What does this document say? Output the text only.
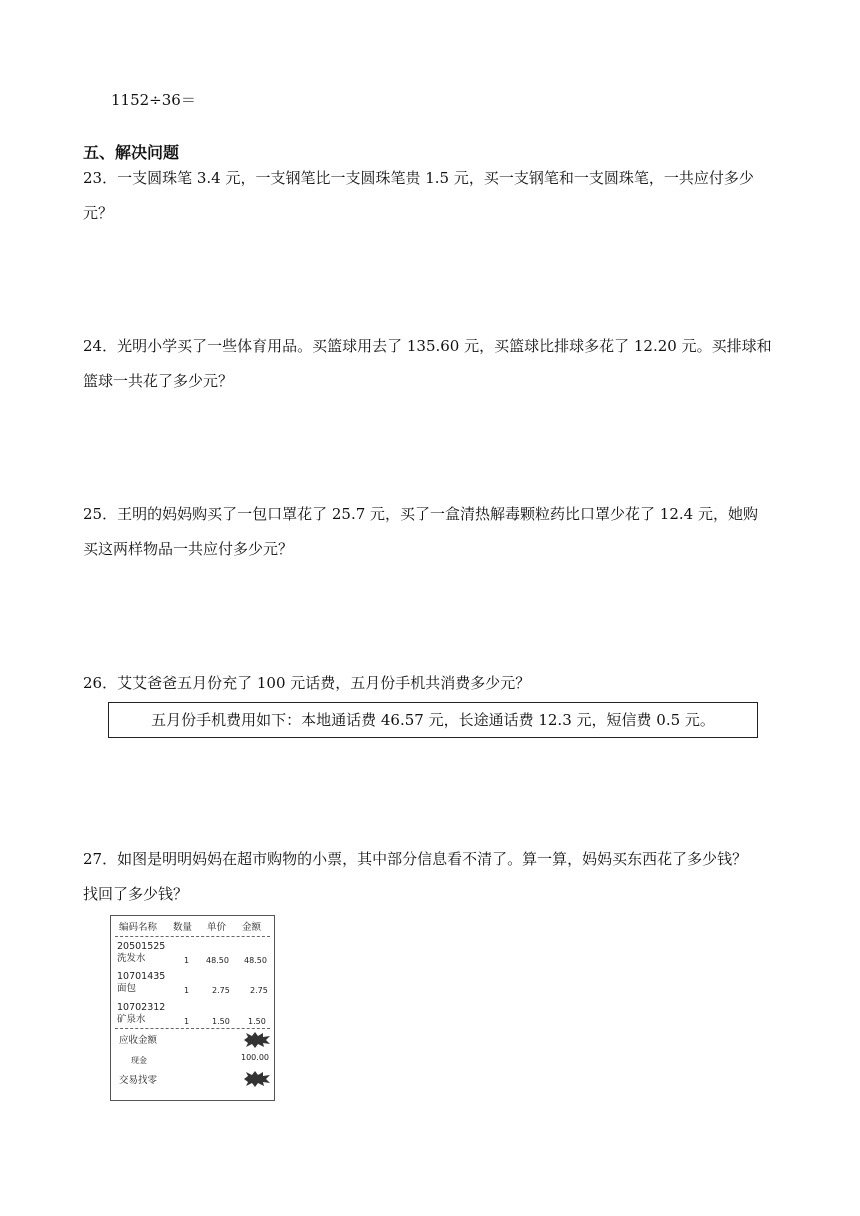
1152÷36＝
五、解决问题
23．一支圆珠笔 3.4 元，一支钢笔比一支圆珠笔贵 1.5 元，买一支钢笔和一支圆珠笔，一共应付多少
元？
24．光明小学买了一些体育用品。买篮球用去了 135.60 元，买篮球比排球多花了 12.20 元。买排球和
篮球一共花了多少元？
25．王明的妈妈购买了一包口罩花了 25.7 元，买了一盒清热解毒颗粒药比口罩少花了 12.4 元，她购
买这两样物品一共应付多少元？
26．艾艾爸爸五月份充了 100 元话费，五月份手机共消费多少元？
五月份手机费用如下：本地通话费 46.57 元，长途通话费 12.3 元，短信费 0.5 元。
27．如图是明明妈妈在超市购物的小票，其中部分信息看不清了。算一算，妈妈买东西花了多少钱？
找回了多少钱？
编码名称 数量 单价 金额
20501525
洗发水	1 48.50 48.50
10701435
面包	1	2.75	2.75
10702312
矿泉水	1	1.50 1.50
应收金额
现金	100.00
交易找零
